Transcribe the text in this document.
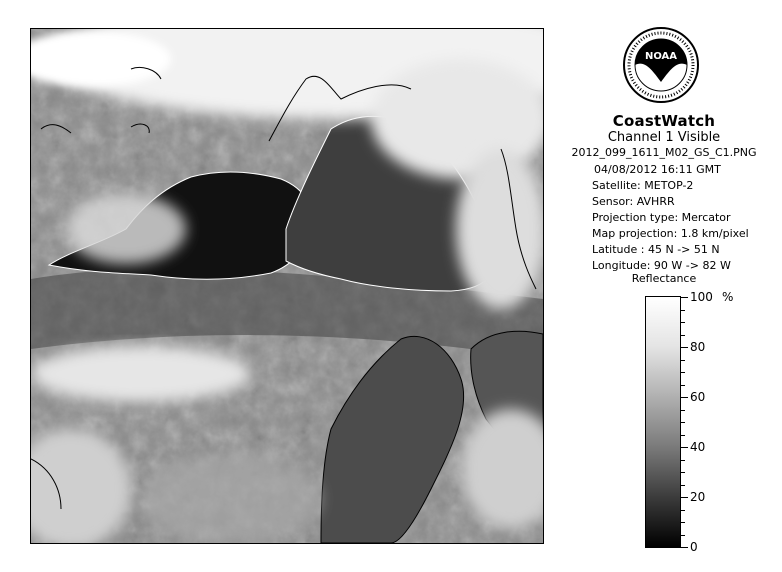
NOAA
CoastWatch
Channel 1 Visible
2012_099_1611_M02_GS_C1.PNG
04/08/2012 16:11 GMT
Satellite: METOP-2
Sensor: AVHRR
Projection type: Mercator
Map projection: 1.8 km/pixel
Latitude : 45 N -> 51 N
Longitude: 90 W -> 82 W
Reflectance
%
100
80
60
40
20
0
